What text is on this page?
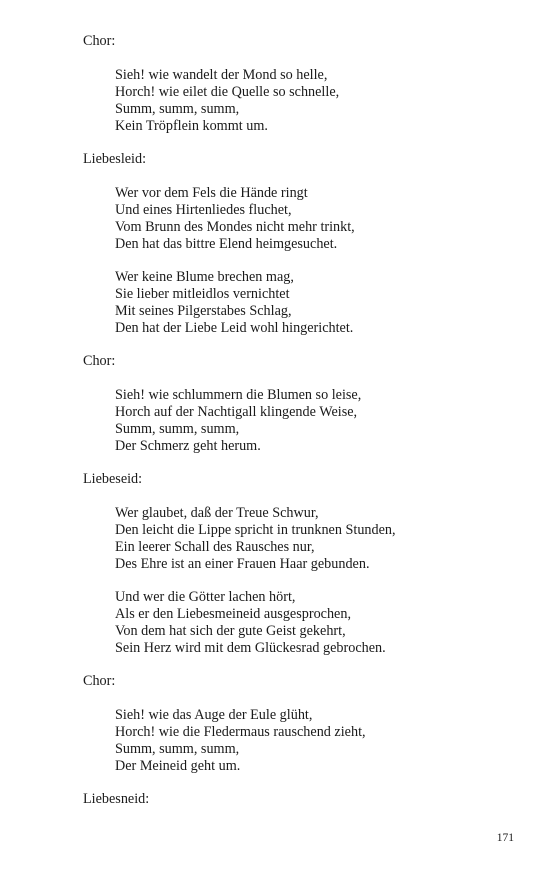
Chor:
Sieh! wie wandelt der Mond so helle,
Horch! wie eilet die Quelle so schnelle,
Summ, summ, summ,
Kein Tröpflein kommt um.
Liebesleid:
Wer vor dem Fels die Hände ringt
Und eines Hirtenliedes fluchet,
Vom Brunn des Mondes nicht mehr trinkt,
Den hat das bittre Elend heimgesuchet.
Wer keine Blume brechen mag,
Sie lieber mitleidlos vernichtet
Mit seines Pilgerstabes Schlag,
Den hat der Liebe Leid wohl hingerichtet.
Chor:
Sieh! wie schlummern die Blumen so leise,
Horch auf der Nachtigall klingende Weise,
Summ, summ, summ,
Der Schmerz geht herum.
Liebeseid:
Wer glaubet, daß der Treue Schwur,
Den leicht die Lippe spricht in trunknen Stunden,
Ein leerer Schall des Rausches nur,
Des Ehre ist an einer Frauen Haar gebunden.
Und wer die Götter lachen hört,
Als er den Liebesmeineid ausgesprochen,
Von dem hat sich der gute Geist gekehrt,
Sein Herz wird mit dem Glückesrad gebrochen.
Chor:
Sieh! wie das Auge der Eule glüht,
Horch! wie die Fledermaus rauschend zieht,
Summ, summ, summ,
Der Meineid geht um.
Liebesneid:
171
